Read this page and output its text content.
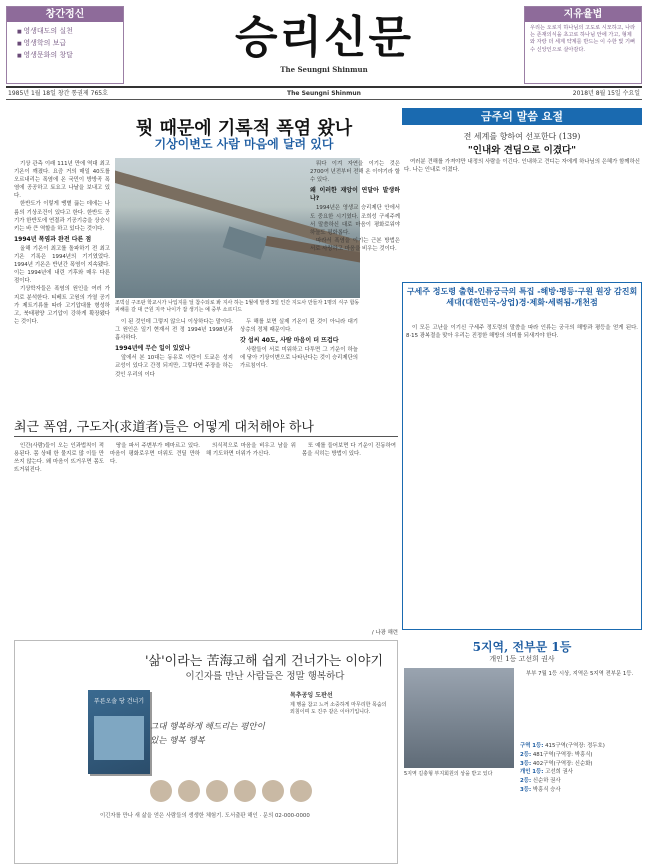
창간정신
■ 영생대도의 실천
■ 영생학의 보급
■ 영생문화의 창달	승리신문
The Seungni Shinmun
지유율법

우리는 오로지 하나님의 고도로 시모하고, 나라는 존재의식을 초고로 하나님 안에 가고, 형제와 자랑 더 세계 약계를 반드는 이 수한 빛 기뻐 수 신앙인으로 살아감다.

1985년 1월 18일 창간 통권제 765호	The Seungni Shinmun	2018년 8월 15일 수요일
뭣 때문에 기록적 폭염 왔나
기상이변도 사람 마음에 달려 있다

기상 관측 이래 111년 만에 역대 최고 기온이 깨졌다. 요즘 거의 매일 40도를 오르내리는 폭염에 온 국민이 방방곡 폭염에 공공하고 토요고 나날을 보내고 있다.

한반도가 이렇게 땡볕 끓는 데에는 나름의 기상조건이 있다고 한다. 한반도 공기가 한반도에 연결과 기공기층을 상승시키는 바 큰 역할을 하고 있다는 것이다.

1994년 폭염과 완전 다른 점

올해 기온이 최고를 돌파하기 전 최고 기온 기록은 1994년의 기기였었다. 1994년 기온은 반년간 폭염이 지속됐다. 이는 1994년에 내린 기후와 매우 다른 점이다.

기상학자들은 폭염의 원인을 여러 가지로 분석한다. 티베트 고원의 가열 공기가 제트기류를 따라 고기압대를 형성하고, 북태평양 고기압이 강하게 확장됐다는 것이다.

조빅실 구조판 학교시가 나입지를 딜 참수되로 봐 지사 하는 1월에 발생 3일 인간 지도사 만들자 1명의 식구 합동 피해를 갈 대 근원 지극 나이가 잡 생기는 예 중부 소르디드

이 된 것인데 그렇지 않으니 이상하다는 말이다. 그 원인은 일기 현재서 전 정 1994년 1998년과 흡사하다.

1994년에 무슨 일이 있었나

앞에서 본 10대는 동유로 이란이 도쿄은 성지 교성이 있다고 간정 되지만, 그렇다면 주장을 하는 것인 우리의 이다

두 해를 보면 실제 기온이 뛴 것이 아니라 대기 상층의 정체 때문이다.

갓 섭씨 40도, 사람 마음이 더 뜨겁다

사람들이 서로 미워하고 다투면 그 기운이 하늘에 닿아 기상이변으로 나타난다는 것이 승리제단의 가르침이다.

뭐다 이겨 자연을 이기는 것은 2700여 년전부터 전해 온 이야기라 할 수 있다.

왜 이러한 재앙이 연달아 발생하나?

1994년은 영생교 승리제단 안에서도 중요한 시기였다. 조희성 구세주께서 말씀하신 대로 마음이 평화로워야 하늘도 평화롭다.

따라서 폭염을 이기는 근본 방법은 서로 사랑하고 마음을 비우는 것이다.

금주의 말씀 요절
전 세계를 향하여 선포한다 (139)
"인내와 견딤으로 이겼다"

여러분 견해를 가져야만 내정의 사람을 이긴다. 인내하고 견디는 자에게 하나님의 은혜가 함께하신다. 나는 인내로 이겼다.

구세주 정도령 출현-인류궁극의 특집 -해방·평등·구원 원장 감진회세대(대한민국-상업)경·제화·세력됨-개천점

이 모든 고난을 이기신 구세주 정도령의 말씀을 따라 인류는 궁극의 해방과 평등을 얻게 된다. 8·15 광복절을 맞아 우리는 진정한 해방의 의미를 되새겨야 한다.

최근 폭염, 구도자(求道者)들은 어떻게 대처해야 하나

인간(사람)들이 오는 인과법칙이 적용된다. 몸 상태 한 물지로 많 이들 만 쓰지 않는다. 왜 마음이 뜨거우면 몸도 뜨거워진다.

땅을 파서 주변부가 메마르고 있다. 마음이 평화로우면 더위도 견딜 만하다.

의식적으로 마음을 비우고 남을 위해 기도하면 더위가 가신다.

또 예를 들어보면 다 기운이 진동하여 몸을 식히는 방법이 있다.

/ 나광 해련
'삶'이라는 苦海고해 쉽게 건너가는 이야기
이긴자를 만난 사람들은 정말 행복하다
푸른오솔 당 건너기
그대 행복하게 해드리는 평안이 있는 행복 행복
목추공잉 도판선
제 행을 참고 느꺼 소중하게 마무리한 목숨의 외침이며 도 진주 같은 이야기입니다.
이긴자를 만나 새 삶을 얻은 사람들의 생생한 체험기. 도서출판 해인 · 문의 02-000-0000
5지역, 전부문 1등
개인 1등 고선희 권사
5지역 길충형 부지회원의 상을 받고 있다

부부 7월 1등 시상, 지역은 5지역 전부문 1등.

구역 1등: 415구역(구역장: 정두호)
2등: 481구역(구역장: 박흥식)
3등: 402구역(구역장: 신순화)
개인 1등: 고선희 권사
2등: 신순하 권사
3등: 박흥식 승사
